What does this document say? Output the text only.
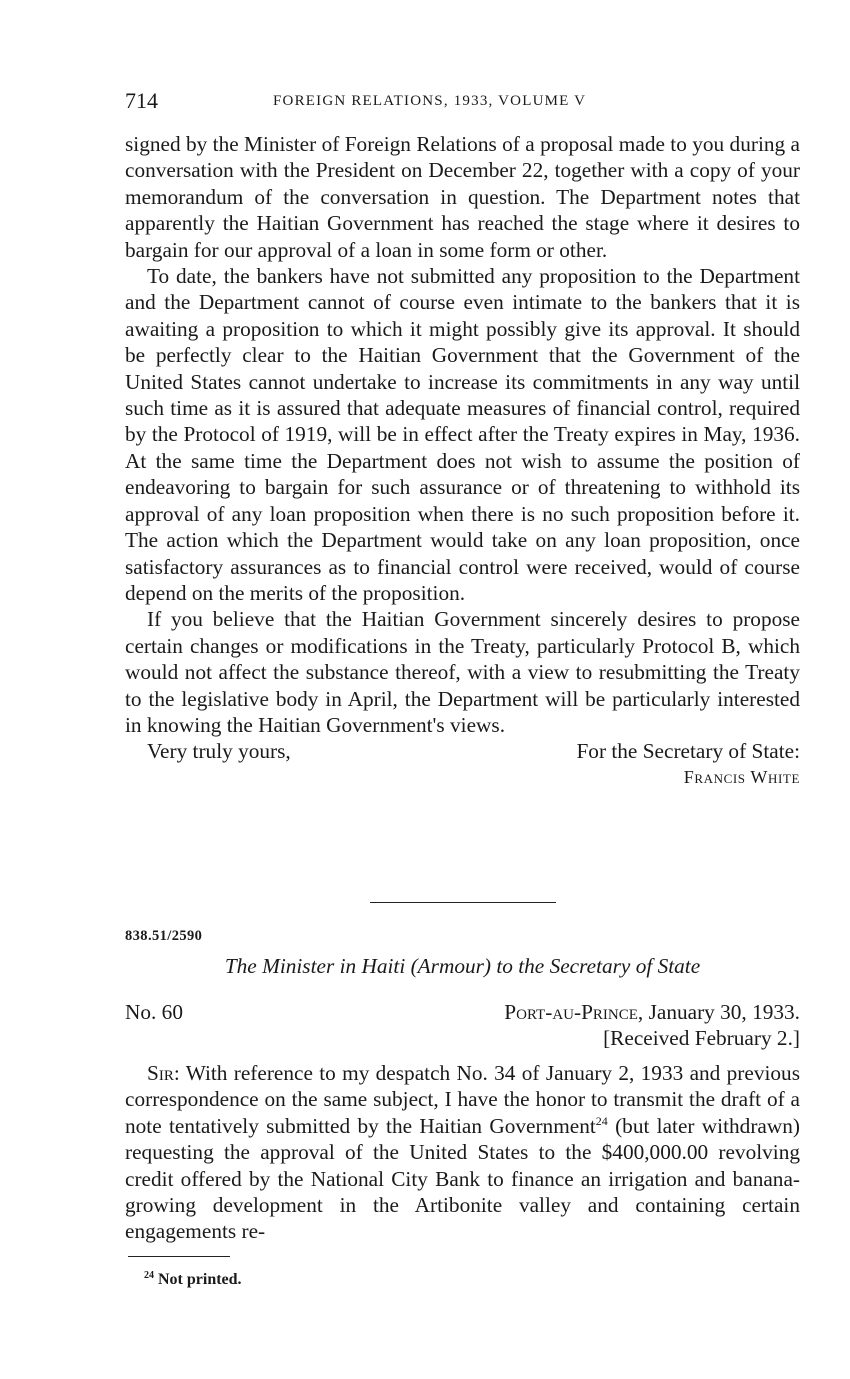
714	FOREIGN RELATIONS, 1933, VOLUME V

signed by the Minister of Foreign Relations of a proposal made to you during a conversation with the President on December 22, together with a copy of your memorandum of the conversation in question. The Department notes that apparently the Haitian Government has reached the stage where it desires to bargain for our approval of a loan in some form or other.

To date, the bankers have not submitted any proposition to the Department and the Department cannot of course even intimate to the bankers that it is awaiting a proposition to which it might possibly give its approval. It should be perfectly clear to the Haitian Government that the Government of the United States cannot undertake to increase its commitments in any way until such time as it is assured that adequate measures of financial control, required by the Protocol of 1919, will be in effect after the Treaty expires in May, 1936. At the same time the Department does not wish to assume the position of endeavoring to bargain for such assurance or of threatening to withhold its approval of any loan proposition when there is no such proposition before it. The action which the Department would take on any loan proposition, once satisfactory assurances as to financial control were received, would of course depend on the merits of the proposition.

If you believe that the Haitian Government sincerely desires to propose certain changes or modifications in the Treaty, particularly Protocol B, which would not affect the substance thereof, with a view to resubmitting the Treaty to the legislative body in April, the Department will be particularly interested in knowing the Haitian Government's views.

Very truly yours,	For the Secretary of State:
Francis White
838.51/2590
The Minister in Haiti (Armour) to the Secretary of State
No. 60	Port-au-Prince, January 30, 1933.
[Received February 2.]

Sir: With reference to my despatch No. 34 of January 2, 1933 and previous correspondence on the same subject, I have the honor to transmit the draft of a note tentatively submitted by the Haitian Government$^{24}$ (but later withdrawn) requesting the approval of the United States to the $400,000.00 revolving credit offered by the National City Bank to finance an irrigation and banana-growing development in the Artibonite valley and containing certain engagements re-

$^{24}$ Not printed.
